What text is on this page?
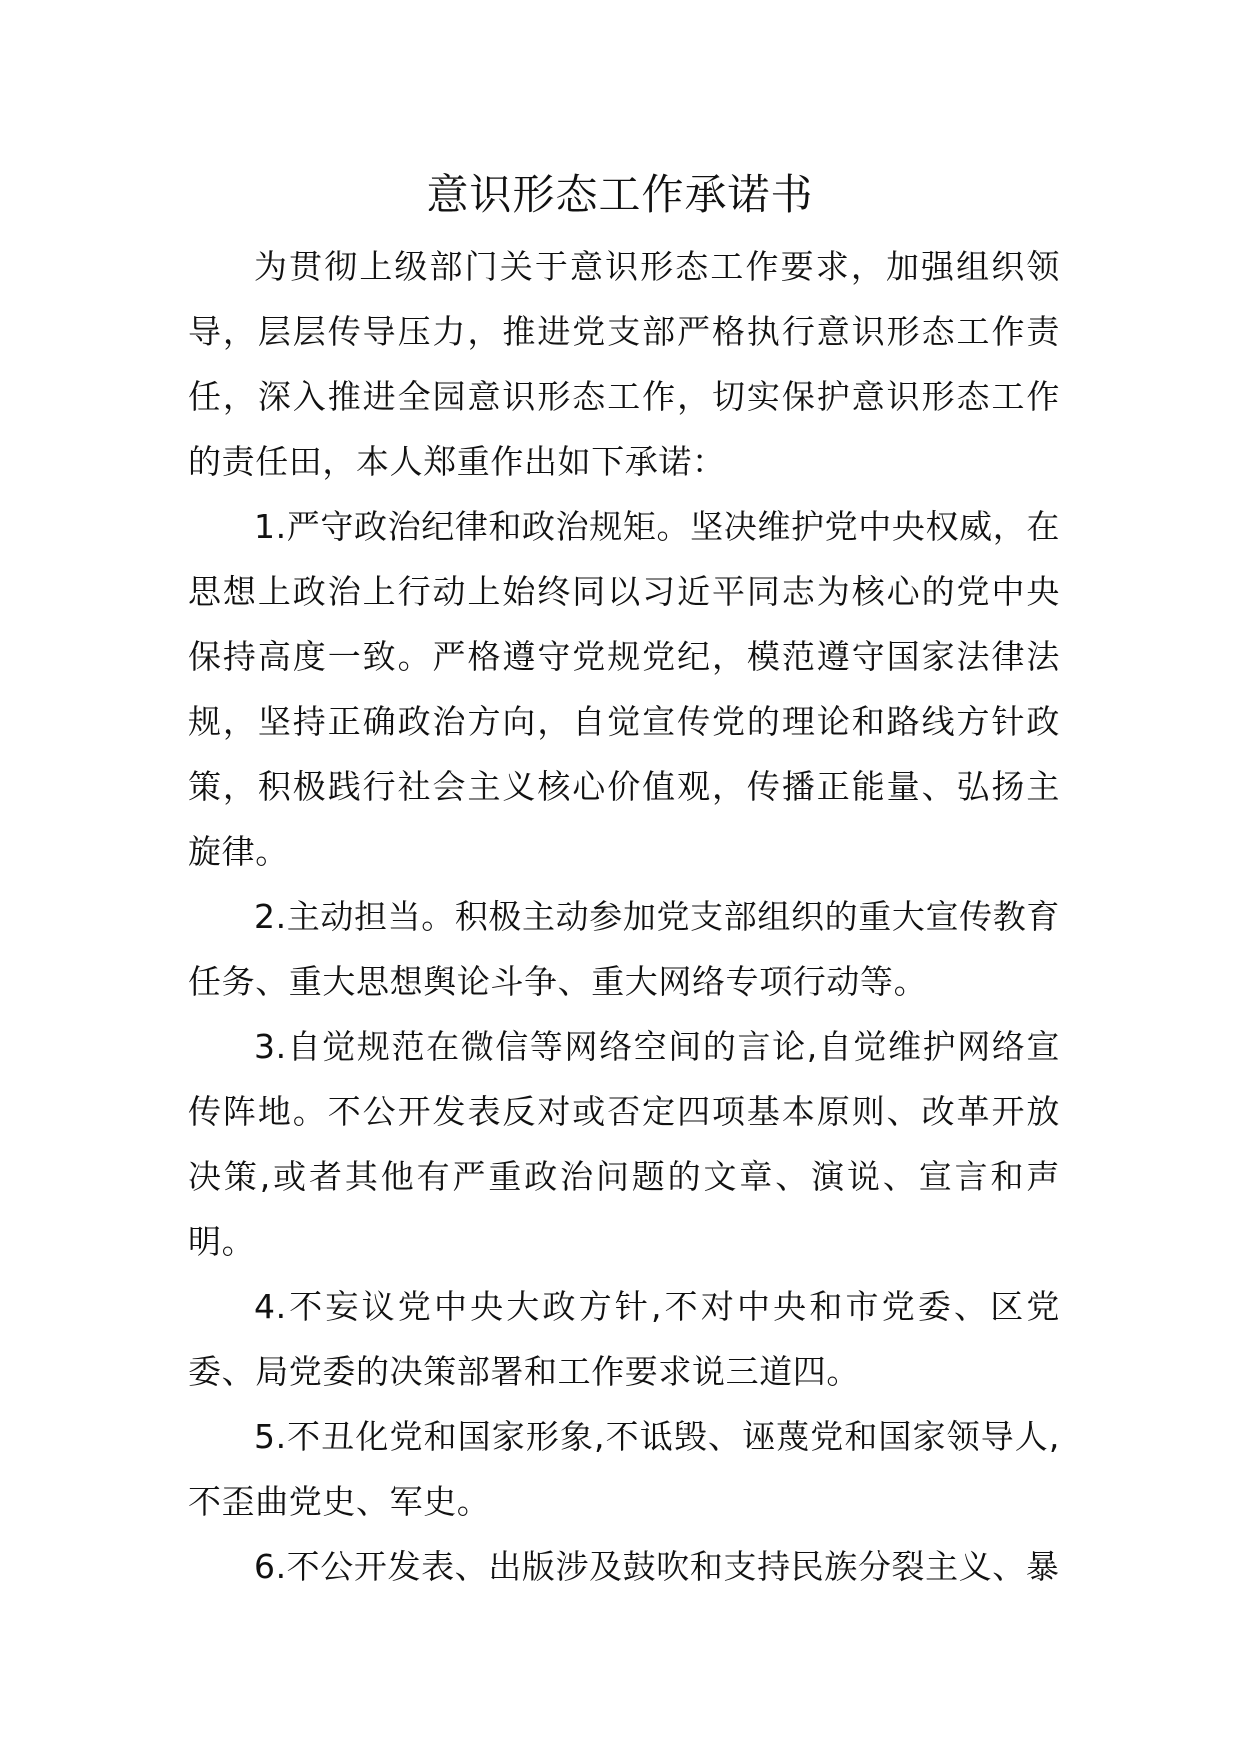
意识形态工作承诺书

为贯彻上级部门关于意识形态工作要求，加强组织领导，层层传导压力，推进党支部严格执行意识形态工作责任，深入推进全园意识形态工作，切实保护意识形态工作的责任田，本人郑重作出如下承诺：

1.严守政治纪律和政治规矩。坚决维护党中央权威，在思想上政治上行动上始终同以习近平同志为核心的党中央保持高度一致。严格遵守党规党纪，模范遵守国家法律法规，坚持正确政治方向，自觉宣传党的理论和路线方针政策，积极践行社会主义核心价值观，传播正能量、弘扬主旋律。

2.主动担当。积极主动参加党支部组织的重大宣传教育任务、重大思想舆论斗争、重大网络专项行动等。

3.自觉规范在微信等网络空间的言论,自觉维护网络宣传阵地。不公开发表反对或否定四项基本原则、改革开放决策,或者其他有严重政治问题的文章、演说、宣言和声明。

4.不妄议党中央大政方针,不对中央和市党委、区党委、局党委的决策部署和工作要求说三道四。

5.不丑化党和国家形象,不诋毁、诬蔑党和国家领导人,不歪曲党史、军史。

6.不公开发表、出版涉及鼓吹和支持民族分裂主义、暴
